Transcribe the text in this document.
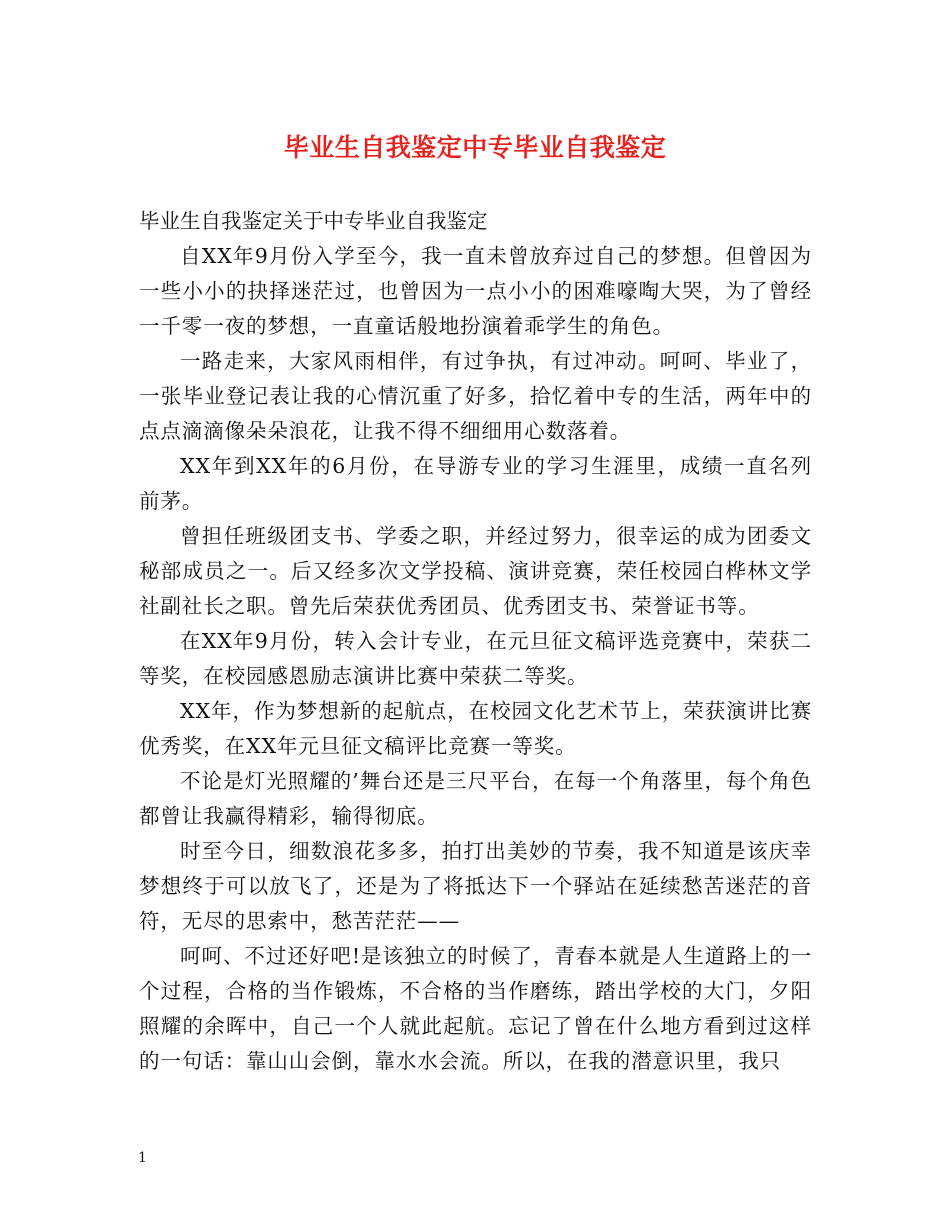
毕业生自我鉴定中专毕业自我鉴定

毕业生自我鉴定关于中专毕业自我鉴定

自XX年9月份入学至今，我一直未曾放弃过自己的梦想。但曾因为一些小小的抉择迷茫过，也曾因为一点小小的困难嚎啕大哭，为了曾经一千零一夜的梦想，一直童话般地扮演着乖学生的角色。

一路走来，大家风雨相伴，有过争执，有过冲动。呵呵、毕业了，一张毕业登记表让我的心情沉重了好多，拾忆着中专的生活，两年中的点点滴滴像朵朵浪花，让我不得不细细用心数落着。

XX年到XX年的6月份，在导游专业的学习生涯里，成绩一直名列前茅。

曾担任班级团支书、学委之职，并经过努力，很幸运的成为团委文秘部成员之一。后又经多次文学投稿、演讲竞赛，荣任校园白桦林文学社副社长之职。曾先后荣获优秀团员、优秀团支书、荣誉证书等。

在XX年9月份，转入会计专业，在元旦征文稿评选竞赛中，荣获二等奖，在校园感恩励志演讲比赛中荣获二等奖。

XX年，作为梦想新的起航点，在校园文化艺术节上，荣获演讲比赛优秀奖，在XX年元旦征文稿评比竞赛一等奖。

不论是灯光照耀的’舞台还是三尺平台，在每一个角落里，每个角色都曾让我赢得精彩，输得彻底。

时至今日，细数浪花多多，拍打出美妙的节奏，我不知道是该庆幸梦想终于可以放飞了，还是为了将抵达下一个驿站在延续愁苦迷茫的音符，无尽的思索中，愁苦茫茫——

呵呵、不过还好吧!是该独立的时候了，青春本就是人生道路上的一个过程，合格的当作锻炼，不合格的当作磨练，踏出学校的大门，夕阳照耀的余晖中，自己一个人就此起航。忘记了曾在什么地方看到过这样的一句话：靠山山会倒，靠水水会流。所以，在我的潜意识里，我只

1
